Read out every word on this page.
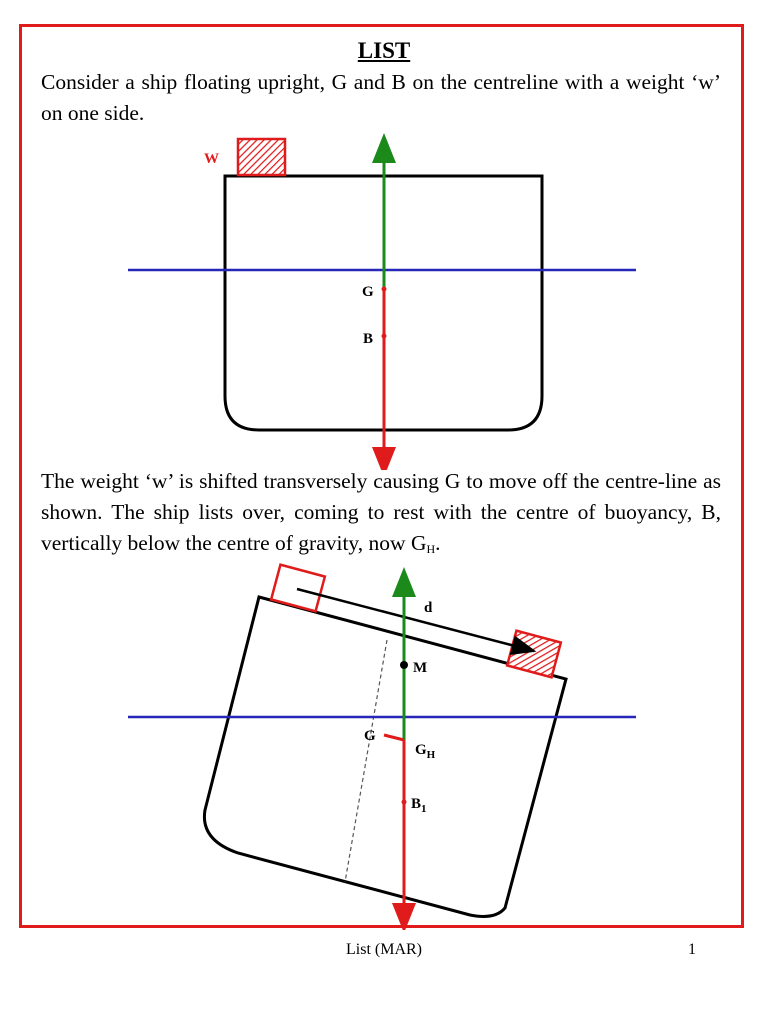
LIST
Consider a ship floating upright, G and B on the centreline with a weight ‘w’ on one side.
W
G
B
The weight ‘w’ is shifted transversely causing G to move off the centre-line as shown. The ship lists over, coming to rest with the centre of buoyancy, B, vertically below the centre of gravity, now $G_H$.
d
M
G
$G_H$
$B_1$
List (MAR)	1
